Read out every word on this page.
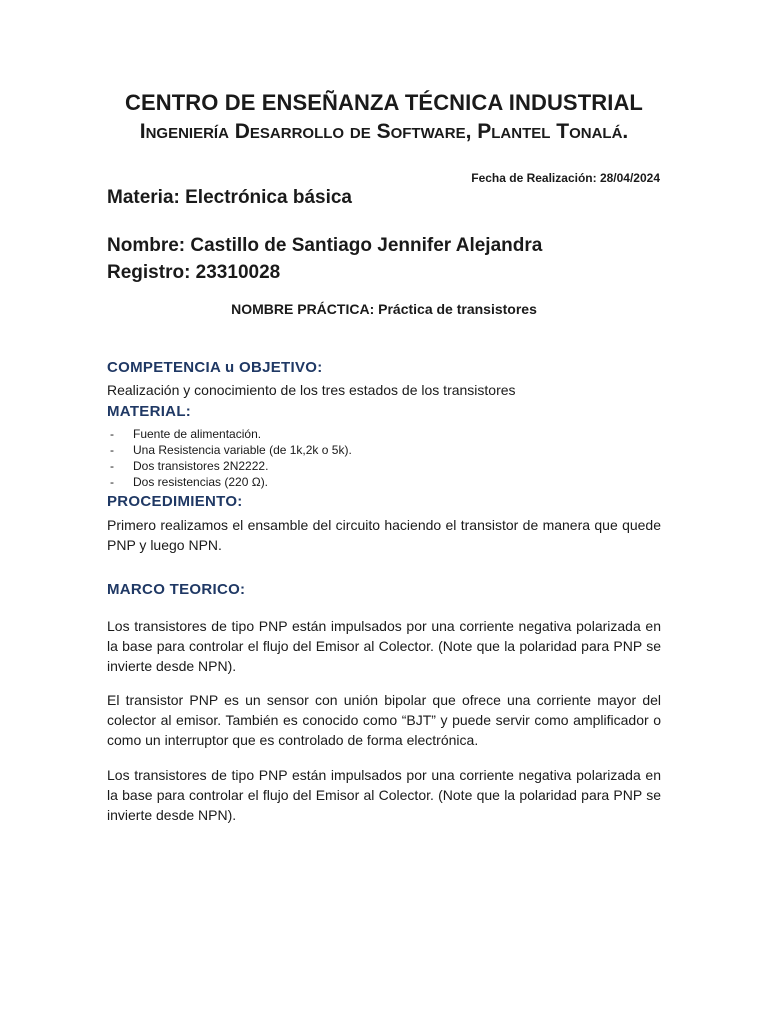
CENTRO DE ENSEÑANZA TÉCNICA INDUSTRIAL
Ingeniería Desarrollo de Software, Plantel Tonalá.
Fecha de Realización: 28/04/2024
Materia: Electrónica básica
Nombre: Castillo de Santiago Jennifer Alejandra
Registro: 23310028
NOMBRE PRÁCTICA: Práctica de transistores
COMPETENCIA u OBJETIVO:
Realización y conocimiento de los tres estados de los transistores
MATERIAL:
-	Fuente de alimentación.
-	Una Resistencia variable (de 1k,2k o 5k).
-	Dos transistores 2N2222.
-	Dos resistencias (220 Ω).
PROCEDIMIENTO:
Primero realizamos el ensamble del circuito haciendo el transistor de manera que quede PNP y luego NPN.
MARCO TEORICO:
Los transistores de tipo PNP están impulsados por una corriente negativa polarizada en la base para controlar el flujo del Emisor al Colector. (Note que la polaridad para PNP se invierte desde NPN).
El transistor PNP es un sensor con unión bipolar que ofrece una corriente mayor del colector al emisor. También es conocido como “BJT” y puede servir como amplificador o como un interruptor que es controlado de forma electrónica.
Los transistores de tipo PNP están impulsados por una corriente negativa polarizada en la base para controlar el flujo del Emisor al Colector. (Note que la polaridad para PNP se invierte desde NPN).
